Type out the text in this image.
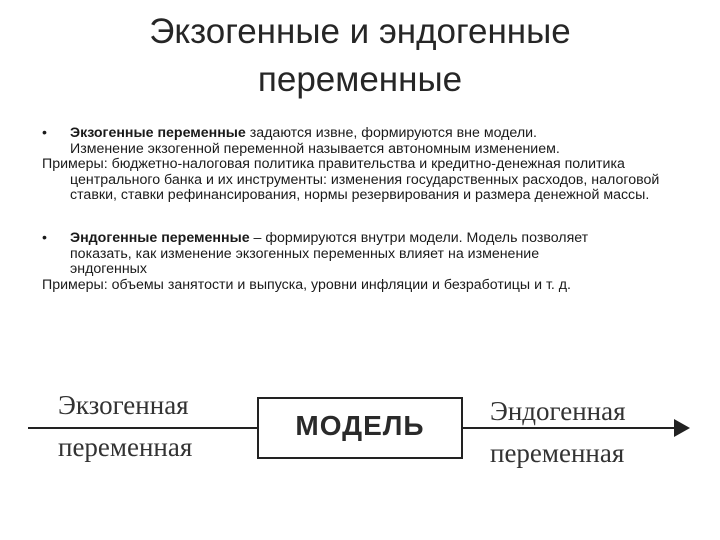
Экзогенные и эндогенные
переменные
• Экзогенные переменные задаются извне, формируются вне модели.
Изменение экзогенной переменной называется автономным изменением.
Примеры: бюджетно-налоговая политика правительства и кредитно-денежная политика центрального банка и их инструменты: изменения государственных расходов, налоговой ставки, ставки рефинансирования, нормы резервирования и размера денежной массы.
• Эндогенные переменные – формируются внутри модели. Модель позволяет
показать, как изменение экзогенных переменных влияет на изменение
эндогенных
Примеры: объемы занятости и выпуска, уровни инфляции и безработицы и т. д.
Экзогенная
переменная
МОДЕЛЬ	Эндогенная
переменная
